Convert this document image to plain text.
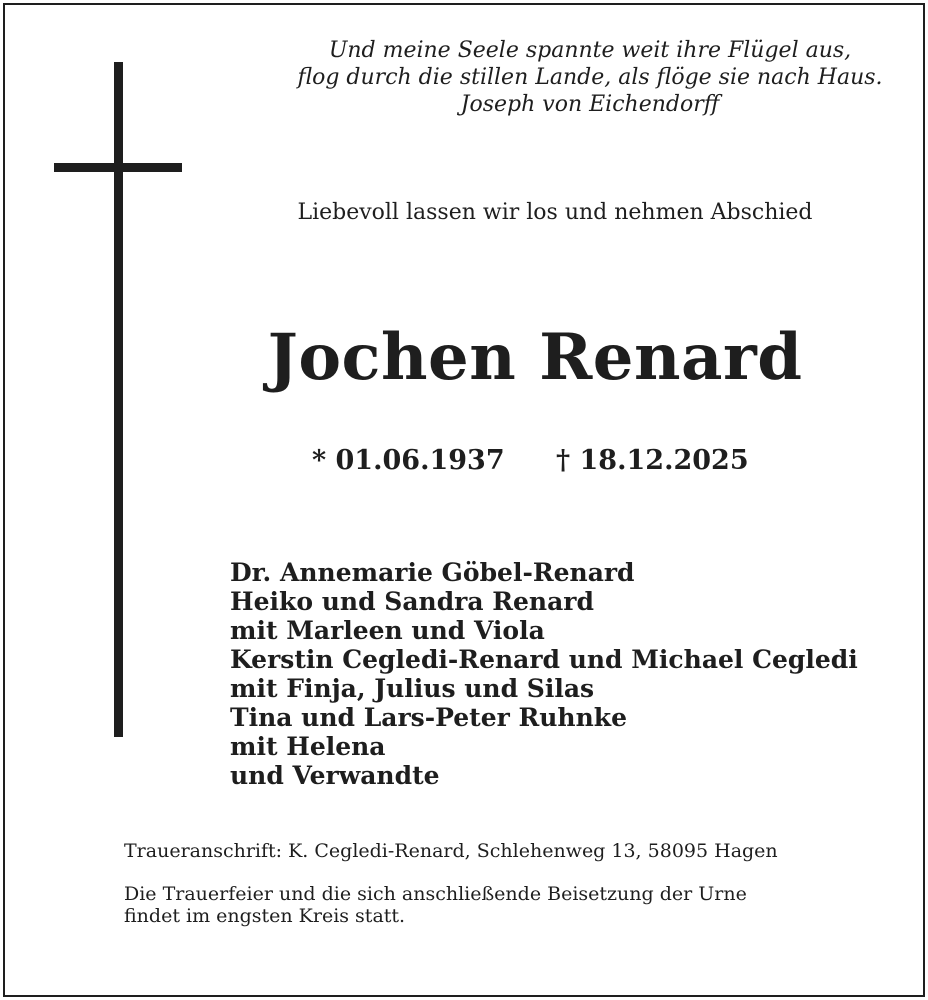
Und meine Seele spannte weit ihre Flügel aus,
flog durch die stillen Lande, als flöge sie nach Haus.
Joseph von Eichendorff
Liebevoll lassen wir los und nehmen Abschied
Jochen Renard
* 01.06.1937 † 18.12.2025
Dr. Annemarie Göbel-Renard
Heiko und Sandra Renard
mit Marleen und Viola
Kerstin Cegledi-Renard und Michael Cegledi
mit Finja, Julius und Silas
Tina und Lars-Peter Ruhnke
mit Helena
und Verwandte
Traueranschrift: K. Cegledi-Renard, Schlehenweg 13, 58095 Hagen
Die Trauerfeier und die sich anschließende Beisetzung der Urne
findet im engsten Kreis statt.
